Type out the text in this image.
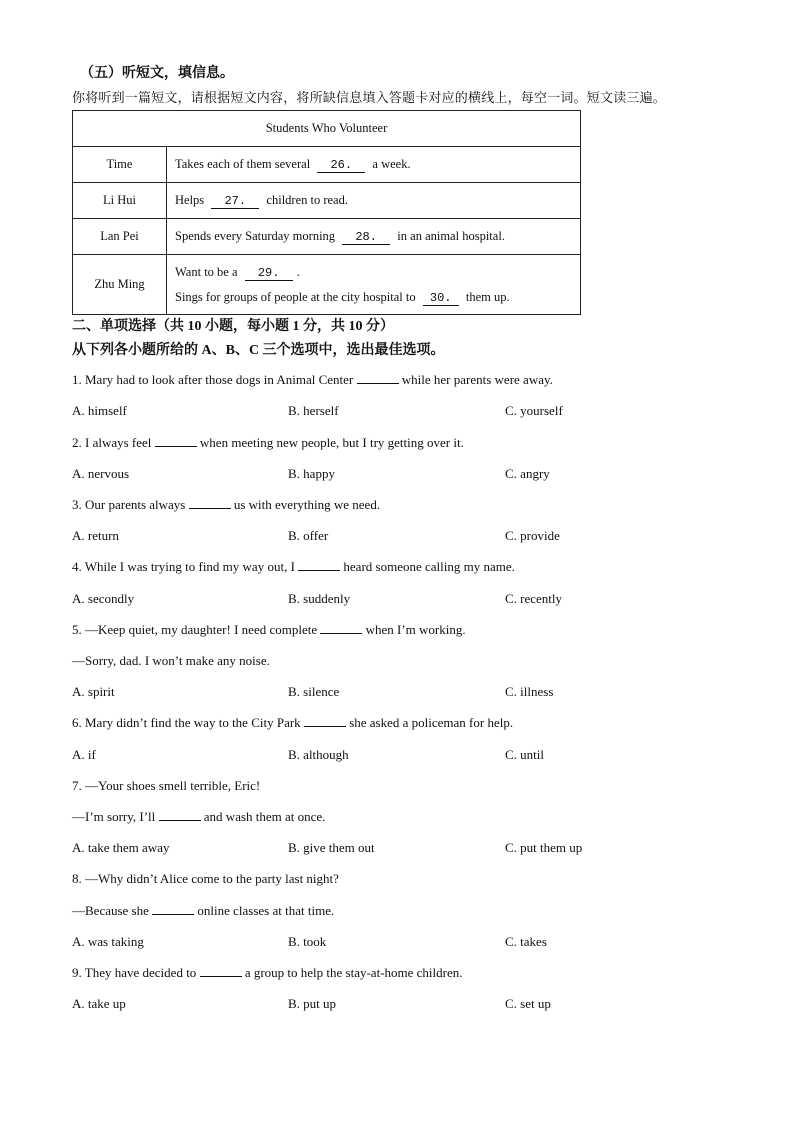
（五）听短文，填信息。
你将听到一篇短文，请根据短文内容，将所缺信息填入答题卡对应的横线上，每空一词。短文读三遍。
Students Who Volunteer	
Time	Takes each of them several 26. a week.
Li Hui	Helps 27. children to read.
Lan Pei	Spends every Saturday morning 28. in an animal hospital.
Zhu Ming	Want to be a 29. .
Sings for groups of people at the city hospital to 30. them up.
二、单项选择（共 10 小题，每小题 1 分，共 10 分）
从下列各小题所给的 A、B、C 三个选项中，选出最佳选项。
1. Mary had to look after those dogs in Animal Center	while her parents were away.
A. himself	B. herself	C. yourself
2. I always feel	when meeting new people, but I try getting over it.
A. nervous	B. happy	C. angry
3. Our parents always	us with everything we need.
A. return	B. offer	C. provide
4. While I was trying to find my way out, I	heard someone calling my name.
A. secondly	B. suddenly	C. recently
5. —Keep quiet, my daughter! I need complete	when I’m working.
—Sorry, dad. I won’t make any noise.
A. spirit	B. silence	C. illness
6. Mary didn’t find the way to the City Park	she asked a policeman for help.
A. if	B. although	C. until
7. —Your shoes smell terrible, Eric!
—I’m sorry, I’ll	and wash them at once.
A. take them away	B. give them out	C. put them up
8. —Why didn’t Alice come to the party last night?
—Because she	online classes at that time.
A. was taking	B. took	C. takes
9. They have decided to	a group to help the stay-at-home children.
A. take up	B. put up	C. set up
